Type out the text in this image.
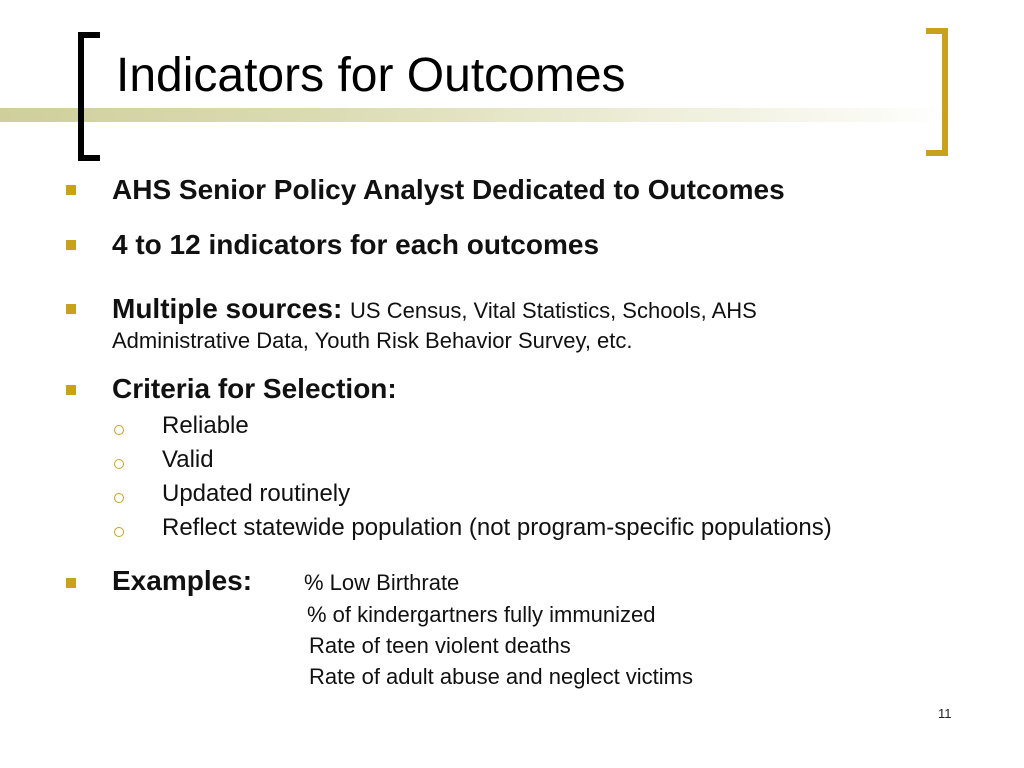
Indicators for Outcomes
AHS Senior Policy Analyst Dedicated to Outcomes
4 to 12 indicators for each outcomes
Multiple sources: US Census, Vital Statistics, Schools, AHS
Administrative Data, Youth Risk Behavior Survey, etc.
Criteria for Selection:
Reliable
Valid
Updated routinely
Reflect statewide population (not program-specific populations)
Examples: % Low Birthrate
% of kindergartners fully immunized
Rate of teen violent deaths
Rate of adult abuse and neglect victims
11
